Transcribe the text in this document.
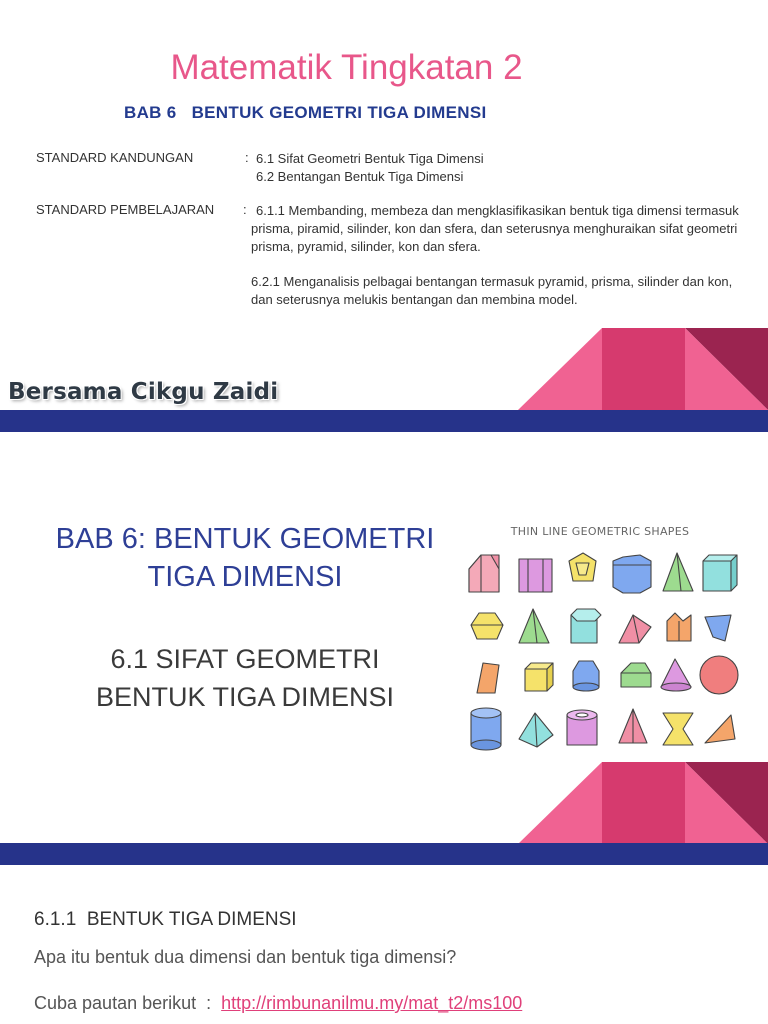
Matematik Tingkatan 2
BAB 6 BENTUK GEOMETRI TIGA DIMENSI
STANDARD KANDUNGAN	: 6.1 Sifat Geometri Bentuk Tiga Dimensi
6.2 Bentangan Bentuk Tiga Dimensi
STANDARD PEMBELAJARAN : 6.1.1 Membanding, membeza dan mengklasifikasikan bentuk tiga dimensi termasuk prisma, piramid, silinder, kon dan sfera, dan seterusnya menghuraikan sifat geometri prisma, pyramid, silinder, kon dan sfera.
6.2.1 Menganalisis pelbagai bentangan termasuk pyramid, prisma, silinder dan kon, dan seterusnya melukis bentangan dan membina model.
Bersama Cikgu Zaidi
BAB 6: BENTUK GEOMETRI
TIGA DIMENSI
6.1 SIFAT GEOMETRI
BENTUK TIGA DIMENSI
THIN LINE GEOMETRIC SHAPES
6.1.1  BENTUK TIGA DIMENSI
Apa itu bentuk dua dimensi dan bentuk tiga dimensi?
Cuba pautan berikut  :  http://rimbunanilmu.my/mat_t2/ms100
